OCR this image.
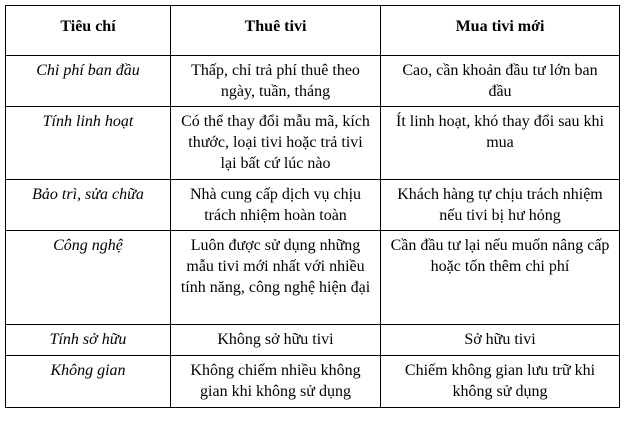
Tiêu chí	Thuê tivi	Mua tivi mới
Chi phí ban đầu	Thấp, chỉ trả phí thuê theo ngày, tuần, tháng	Cao, cần khoản đầu tư lớn ban đầu
Tính linh hoạt	Có thể thay đổi mẫu mã, kích thước, loại tivi hoặc trả tivi lại bất cứ lúc nào	Ít linh hoạt, khó thay đổi sau khi mua
Bảo trì, sửa chữa	Nhà cung cấp dịch vụ chịu trách nhiệm hoàn toàn	Khách hàng tự chịu trách nhiệm nếu tivi bị hư hỏng
Công nghệ	Luôn được sử dụng những mẫu tivi mới nhất với nhiều tính năng, công nghệ hiện đại	Cần đầu tư lại nếu muốn nâng cấp hoặc tốn thêm chi phí
Tính sở hữu	Không sở hữu tivi	Sở hữu tivi
Không gian	Không chiếm nhiều không gian khi không sử dụng	Chiếm không gian lưu trữ khi không sử dụng
